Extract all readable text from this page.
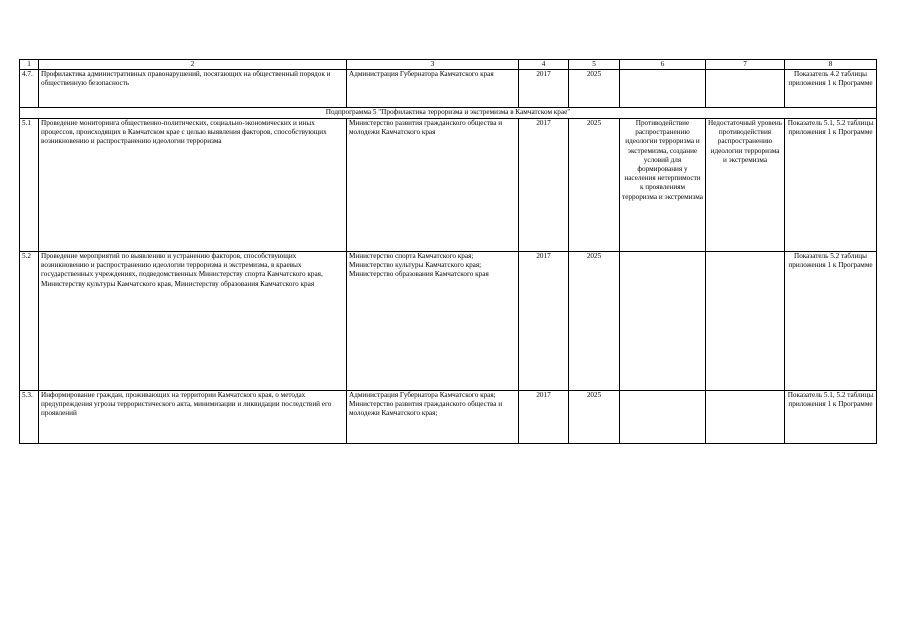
1	2	3	4	5	6	7	8
4.7.	Профилактика административных правонарушений, посягающих на общественный порядок и общественную безопасность	Администрация Губернатора Камчатского края	2017	2025			Показатель 4.2 таблицы приложения 1 к Программе
Подпрограмма 5 "Профилактика терроризма и экстремизма в Камчатском крае"							
5.1	Проведение мониторинга общественно-политических, социально-экономических и иных процессов, происходящих в Камчатском крае с целью выявления факторов, способствующих возникновению и распространению идеологии терроризма	Министерство развития гражданского общества и молодежи Камчатского края	2017	2025	Противодействие распространению идеологии терроризма и экстремизма, создание условий для формирования у населения нетерпимости к проявлениям терроризма и экстремизма	Недостаточный уровень противодействия распространению идеологии терроризма и экстремизма	Показатель 5.1, 5.2 таблицы приложения 1 к Программе
5.2	Проведение мероприятий по выявлению и устранению факторов, способствующих возникновению и распространению идеологии терроризма и экстремизма, в краевых государственных учреждениях, подведомственных Министерству спорта Камчатского края, Министерству культуры Камчатского края, Министерству образования Камчатского края	Министерство спорта Камчатского края; Министерство культуры Камчатского края; Министерство образования Камчатского края	2017	2025			Показатель 5.2 таблицы приложения 1 к Программе
5.3.	Информирование граждан, проживающих на территории Камчатского края, о методах предупреждения угрозы террористического акта, минимизации и ликвидации последствий его проявлений	Администрация Губернатора Камчатского края; Министерство развития гражданского общества и молодежи Камчатского края;	2017	2025			Показатель 5.1, 5.2 таблицы приложения 1 к Программе
